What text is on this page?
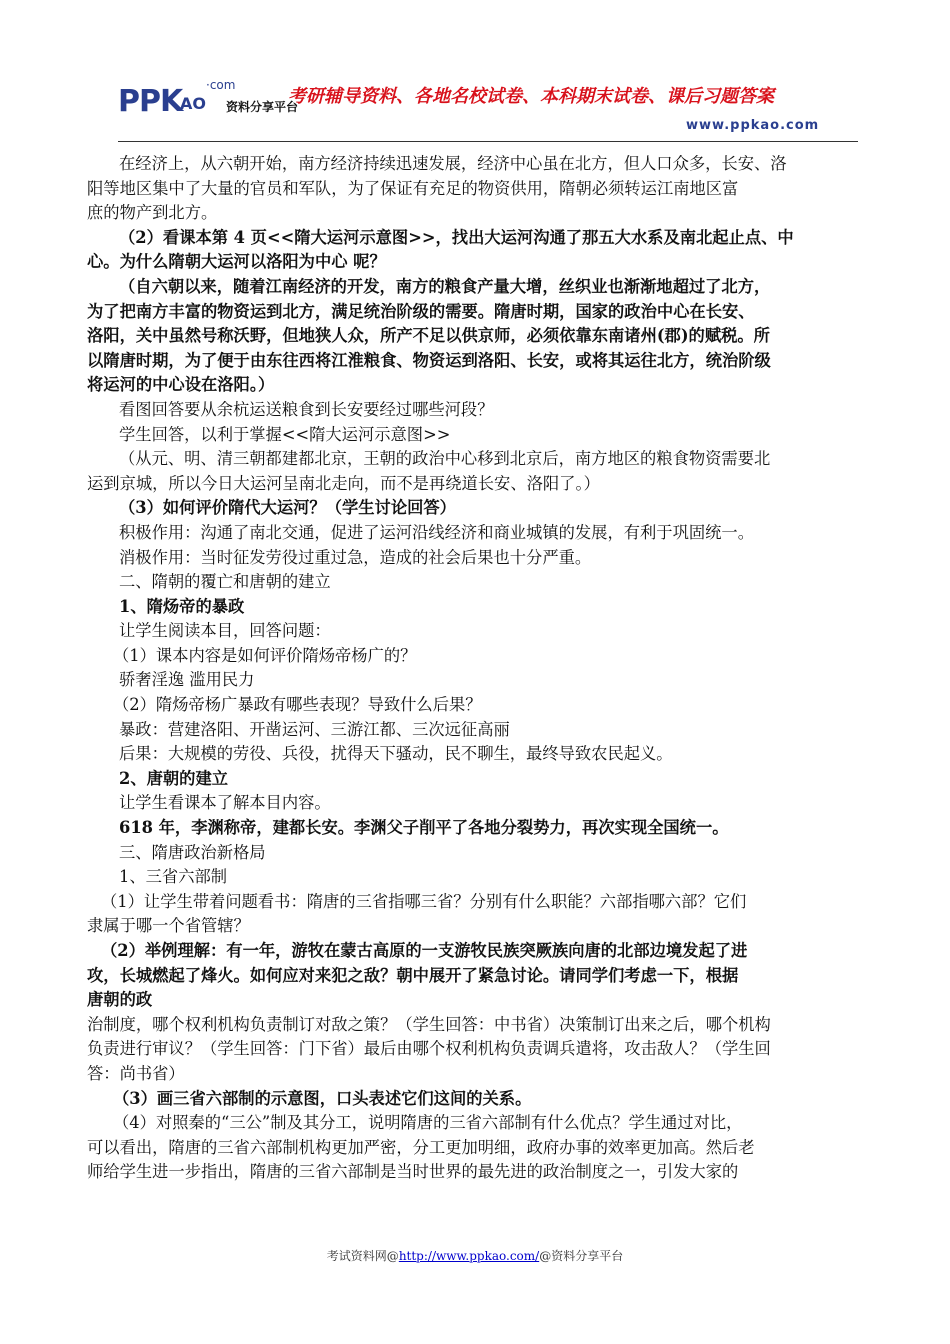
PPK ·com
AO 资料分享平台
考研辅导资料、各地名校试卷、本科期末试卷、课后习题答案
www.ppkao.com
在经济上，从六朝开始，南方经济持续迅速发展，经济中心虽在北方，但人口众多，长安、洛
阳等地区集中了大量的官员和军队，为了保证有充足的物资供用，隋朝必须转运江南地区富
庶的物产到北方。
（2）看课本第 4 页<<隋大运河示意图>>，找出大运河沟通了那五大水系及南北起止点、中
心。为什么隋朝大运河以洛阳为中心 呢？
（自六朝以来，随着江南经济的开发，南方的粮食产量大增，丝织业也渐渐地超过了北方，
为了把南方丰富的物资运到北方，满足统治阶级的需要。隋唐时期，国家的政治中心在长安、
洛阳，关中虽然号称沃野，但地狭人众，所产不足以供京师，必须依靠东南诸州(郡)的赋税。所
以隋唐时期，为了便于由东往西将江淮粮食、物资运到洛阳、长安，或将其运往北方，统治阶级
将运河的中心设在洛阳。）
看图回答要从余杭运送粮食到长安要经过哪些河段？
学生回答，以利于掌握<<隋大运河示意图>>
（从元、明、清三朝都建都北京，王朝的政治中心移到北京后，南方地区的粮食物资需要北
运到京城，所以今日大运河呈南北走向，而不是再绕道长安、洛阳了。）
（3）如何评价隋代大运河？（学生讨论回答）
积极作用：沟通了南北交通，促进了运河沿线经济和商业城镇的发展，有利于巩固统一。
消极作用：当时征发劳役过重过急，造成的社会后果也十分严重。
二、隋朝的覆亡和唐朝的建立
1、隋炀帝的暴政
让学生阅读本目，回答问题：
（1）课本内容是如何评价隋炀帝杨广的？
骄奢淫逸 滥用民力
（2）隋炀帝杨广暴政有哪些表现？导致什么后果？
暴政：营建洛阳、开凿运河、三游江都、三次远征高丽
后果：大规模的劳役、兵役，扰得天下骚动，民不聊生，最终导致农民起义。
2、唐朝的建立
让学生看课本了解本目内容。
618 年，李渊称帝，建都长安。李渊父子削平了各地分裂势力，再次实现全国统一。
三、隋唐政治新格局
1、三省六部制
（1）让学生带着问题看书：隋唐的三省指哪三省？分别有什么职能？六部指哪六部？它们
隶属于哪一个省管辖？
（2）举例理解：有一年，游牧在蒙古高原的一支游牧民族突厥族向唐的北部边境发起了进
攻，长城燃起了烽火。如何应对来犯之敌？朝中展开了紧急讨论。请同学们考虑一下，根据
唐朝的政
治制度，哪个权利机构负责制订对敌之策？（学生回答：中书省）决策制订出来之后，哪个机构
负责进行审议？（学生回答：门下省）最后由哪个权利机构负责调兵遣将，攻击敌人？（学生回
答：尚书省）
（3）画三省六部制的示意图，口头表述它们这间的关系。
（4）对照秦的“三公”制及其分工，说明隋唐的三省六部制有什么优点？学生通过对比，
可以看出，隋唐的三省六部制机构更加严密，分工更加明细，政府办事的效率更加高。然后老
师给学生进一步指出，隋唐的三省六部制是当时世界的最先进的政治制度之一，引发大家的
考试资料网@http://www.ppkao.com/@资料分享平台
